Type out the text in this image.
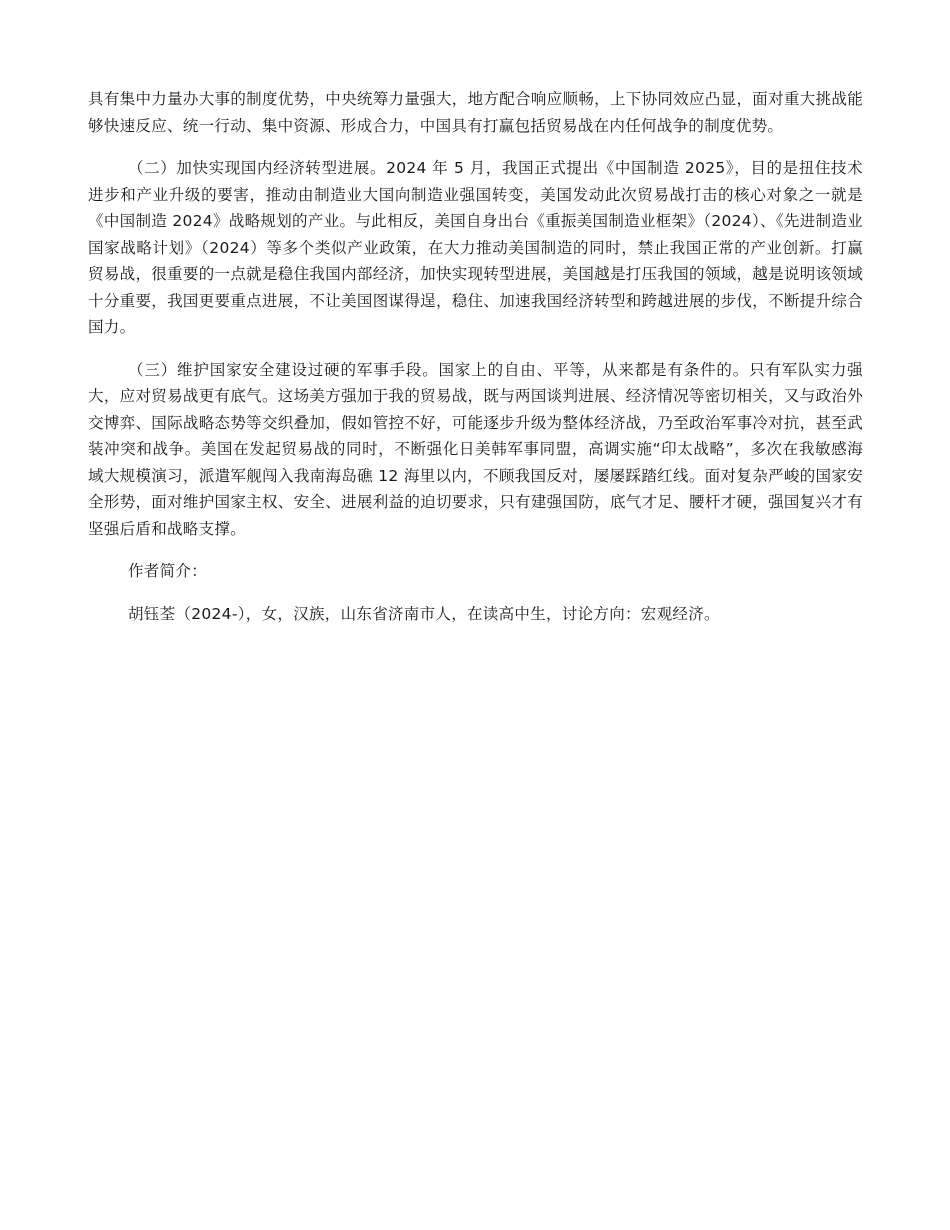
具有集中力量办大事的制度优势，中央统筹力量强大，地方配合响应顺畅，上下协同效应凸显，面对重大挑战能够快速反应、统一行动、集中资源、形成合力，中国具有打赢包括贸易战在内任何战争的制度优势。

（二）加快实现国内经济转型进展。2024 年 5 月，我国正式提出《中国制造 2025》，目的是扭住技术进步和产业升级的要害，推动由制造业大国向制造业强国转变，美国发动此次贸易战打击的核心对象之一就是《中国制造 2024》战略规划的产业。与此相反，美国自身出台《重振美国制造业框架》（2024）、《先进制造业国家战略计划》（2024）等多个类似产业政策，在大力推动美国制造的同时，禁止我国正常的产业创新。打赢贸易战，很重要的一点就是稳住我国内部经济，加快实现转型进展，美国越是打压我国的领域，越是说明该领域十分重要，我国更要重点进展，不让美国图谋得逞，稳住、加速我国经济转型和跨越进展的步伐，不断提升综合国力。

（三）维护国家安全建设过硬的军事手段。国家上的自由、平等，从来都是有条件的。只有军队实力强大，应对贸易战更有底气。这场美方强加于我的贸易战，既与两国谈判进展、经济情况等密切相关，又与政治外交博弈、国际战略态势等交织叠加，假如管控不好，可能逐步升级为整体经济战，乃至政治军事冷对抗，甚至武装冲突和战争。美国在发起贸易战的同时，不断强化日美韩军事同盟，高调实施“印太战略”，多次在我敏感海域大规模演习，派遣军舰闯入我南海岛礁 12 海里以内，不顾我国反对，屡屡踩踏红线。面对复杂严峻的国家安全形势，面对维护国家主权、安全、进展利益的迫切要求，只有建强国防，底气才足、腰杆才硬，强国复兴才有坚强后盾和战略支撑。

作者简介：

胡钰荃（2024-），女，汉族，山东省济南市人，在读高中生，讨论方向：宏观经济。
